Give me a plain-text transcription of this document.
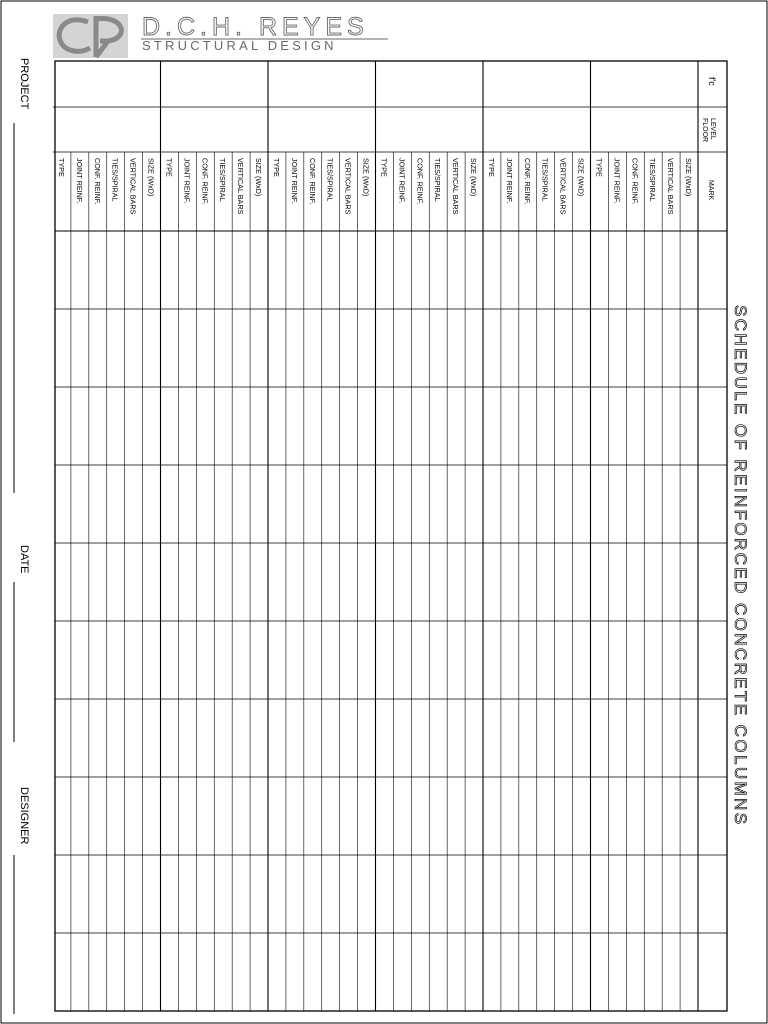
D.C.H. REYES
STRUCTURAL DESIGN
PROJECT
DATE
DESIGNER	SCHEDULE OF REINFORCED CONCRETE COLUMNS
f'c
FLOOR LEVEL
MARK
SIZE (WxD)
VERTICAL BARS
TIES/SPIRAL
CONF. REINF.
JOINT REINF.
TYPE
SIZE (WxD)
VERTICAL BARS
TIES/SPIRAL
CONF. REINF.
JOINT REINF.
TYPE
SIZE (WxD)
VERTICAL BARS
TIES/SPIRAL
CONF. REINF.
JOINT REINF.
TYPE
SIZE (WxD)
VERTICAL BARS
TIES/SPIRAL
CONF. REINF.
JOINT REINF.
TYPE
SIZE (WxD)
VERTICAL BARS
TIES/SPIRAL
CONF. REINF.
JOINT REINF.
TYPE
SIZE (WxD)
VERTICAL BARS
TIES/SPIRAL
CONF. REINF.
JOINT REINF.
TYPE
